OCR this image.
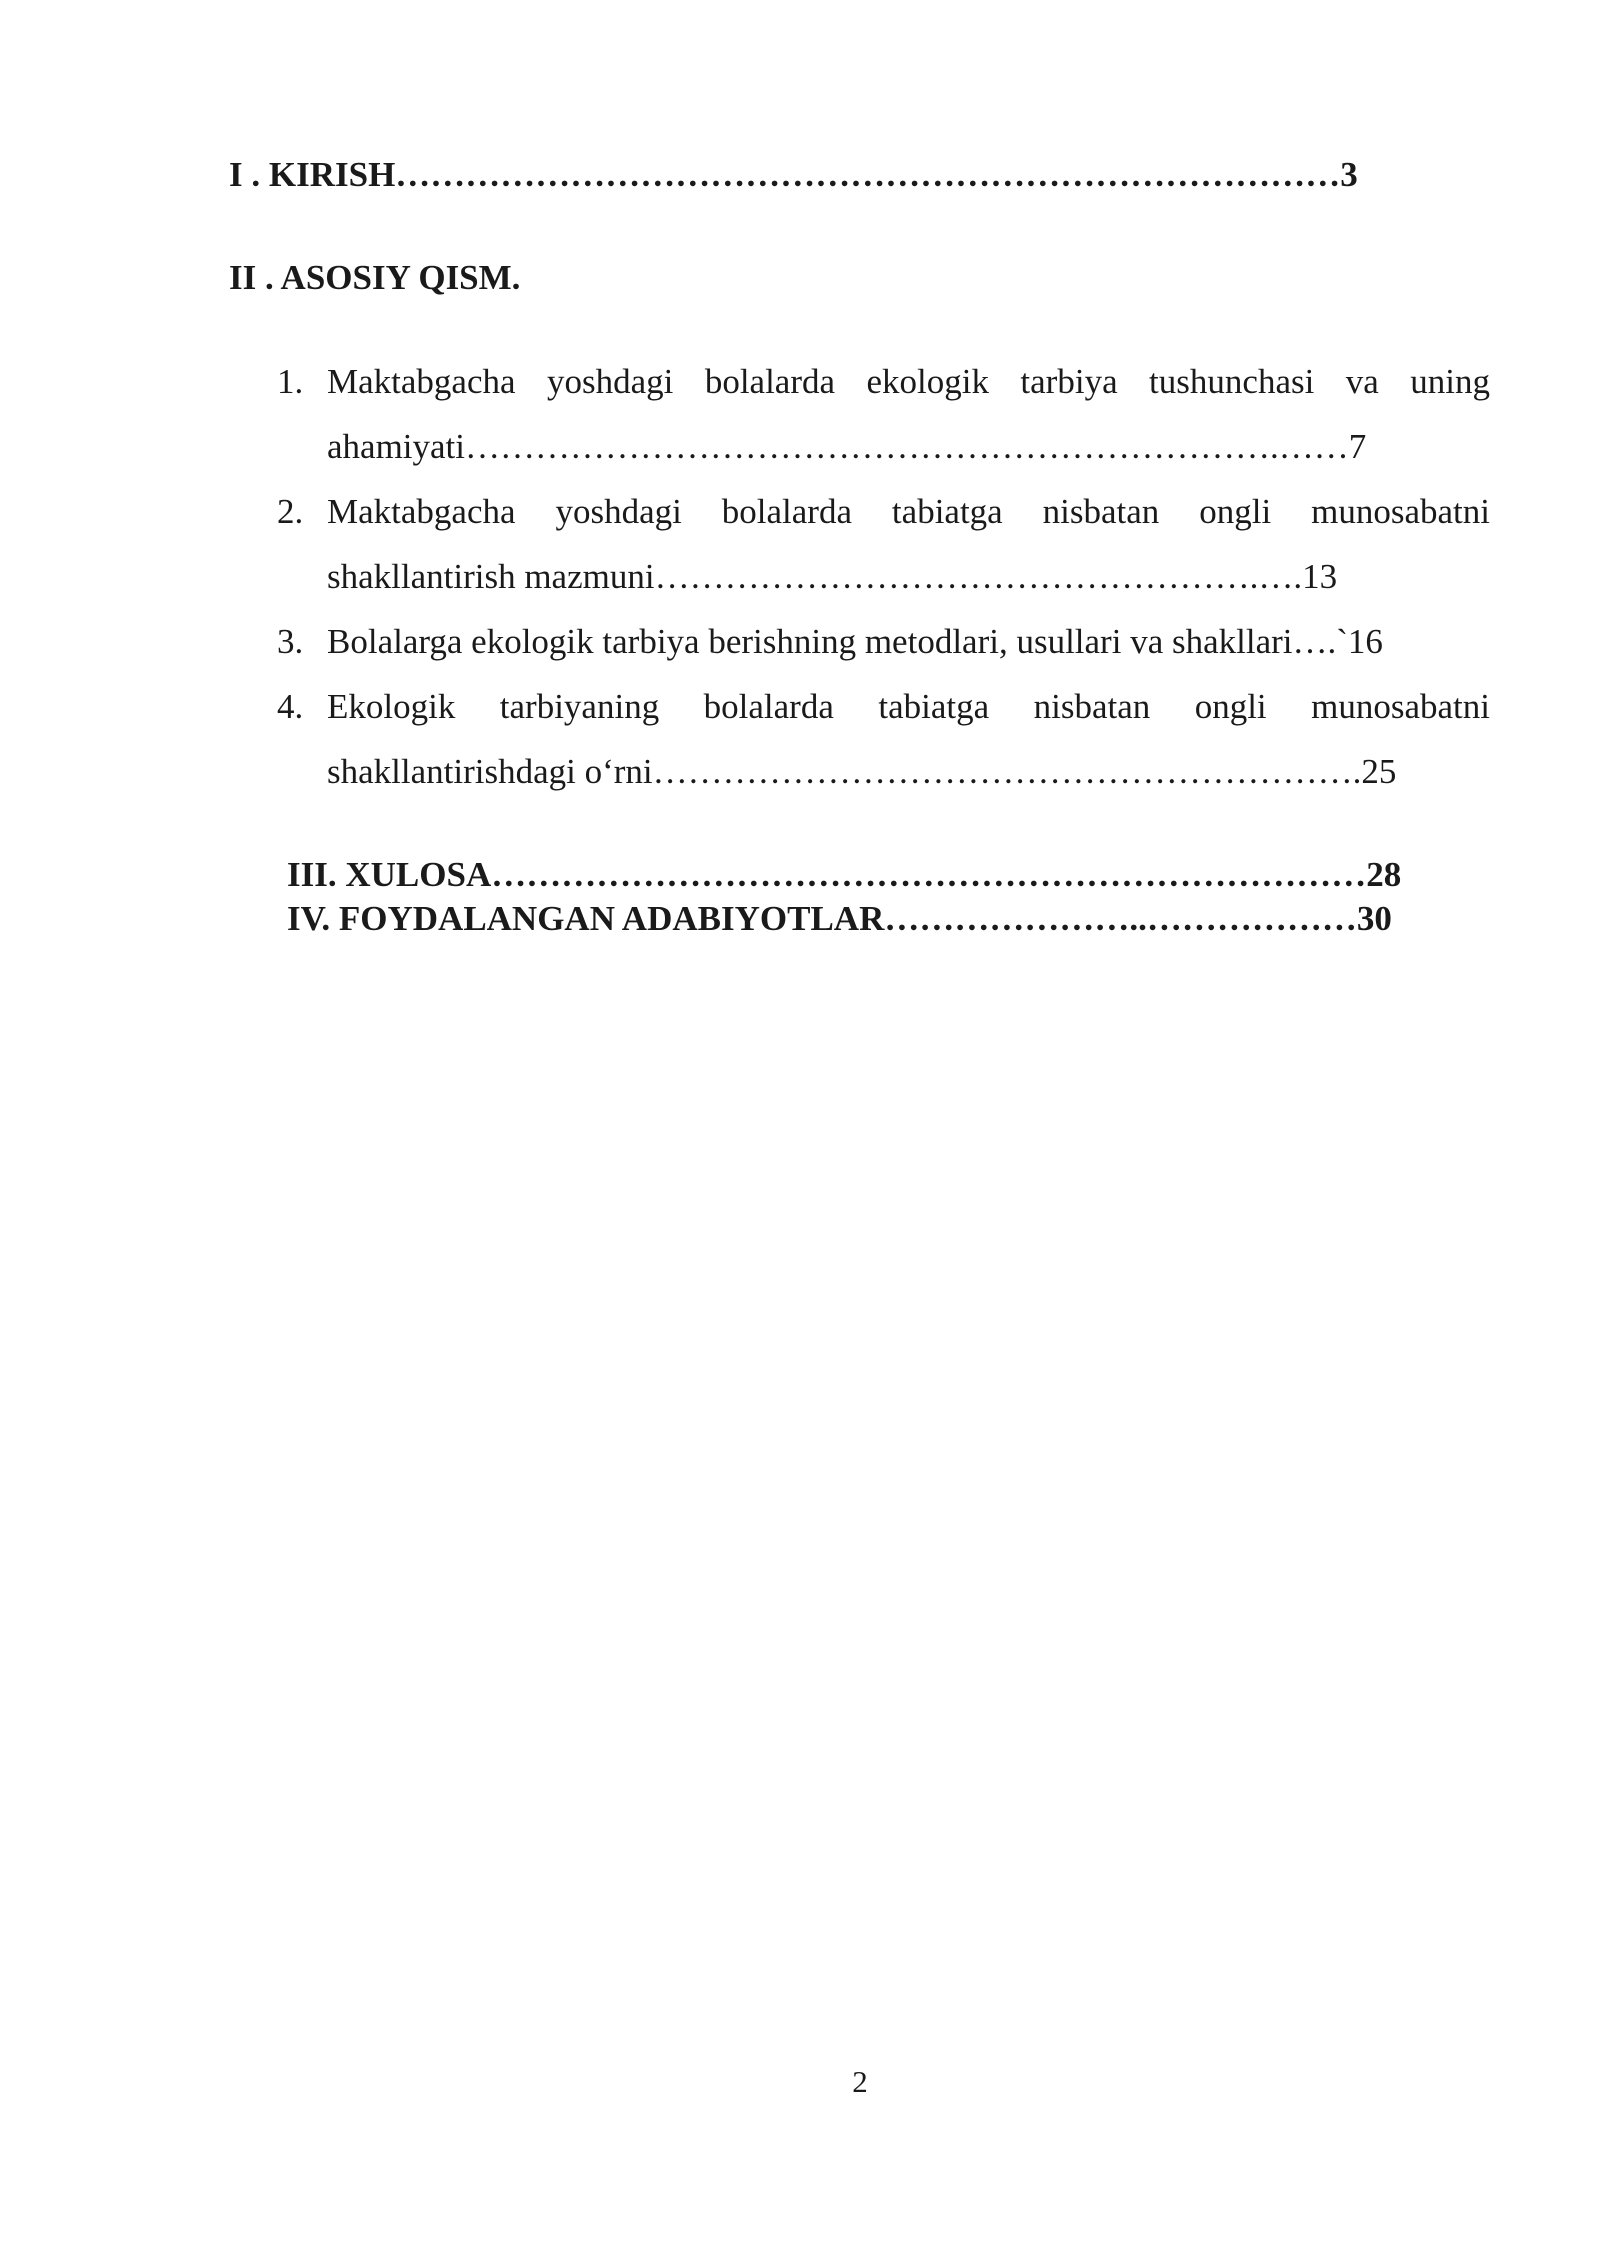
I . KIRISH………………………………………………………………………3
II . ASOSIY QISM.
1. Maktabgacha yoshdagi bolalarda ekologik tarbiya tushunchasi va uning
ahamiyati…………………………………………………………….……7
2. Maktabgacha yoshdagi bolalarda tabiatga nisbatan ongli munosabatni
shakllantirish mazmuni…………………………………………….….13
3. Bolalarga ekologik tarbiya berishning metodlari, usullari va shakllari….`16
4. Ekologik tarbiyaning bolalarda tabiatga nisbatan ongli munosabatni
shakllantirishdagi o‘rni…………………………………………………….25
III. XULOSA…………………………………………………………………28
IV. FOYDALANGAN ADABIYOTLAR…………………..………………30
2
